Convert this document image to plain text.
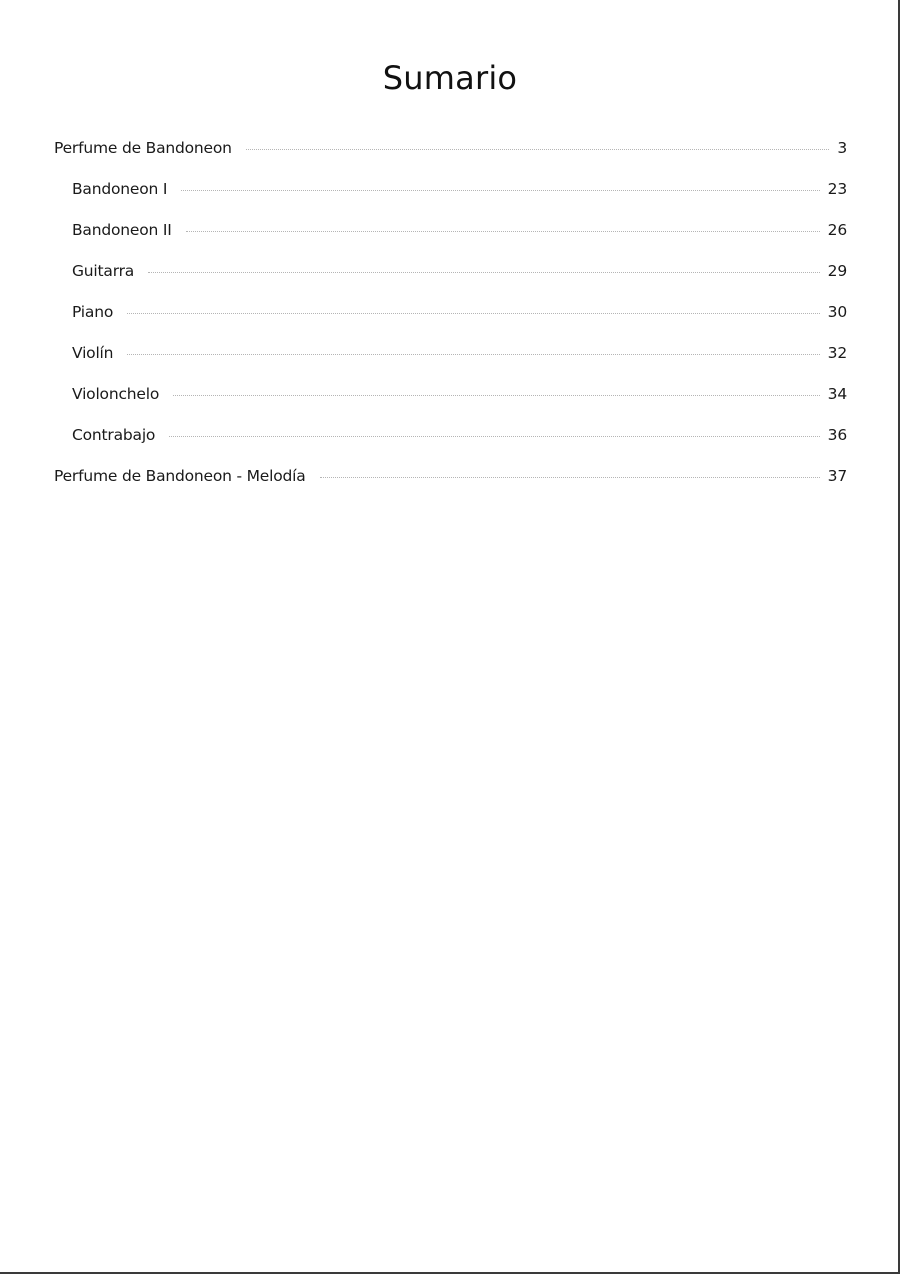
Sumario
Perfume de Bandoneon	3
Bandoneon I	23
Bandoneon II	26
Guitarra	29
Piano	30
Violín	32
Violonchelo	34
Contrabajo	36
Perfume de Bandoneon - Melodía	37
